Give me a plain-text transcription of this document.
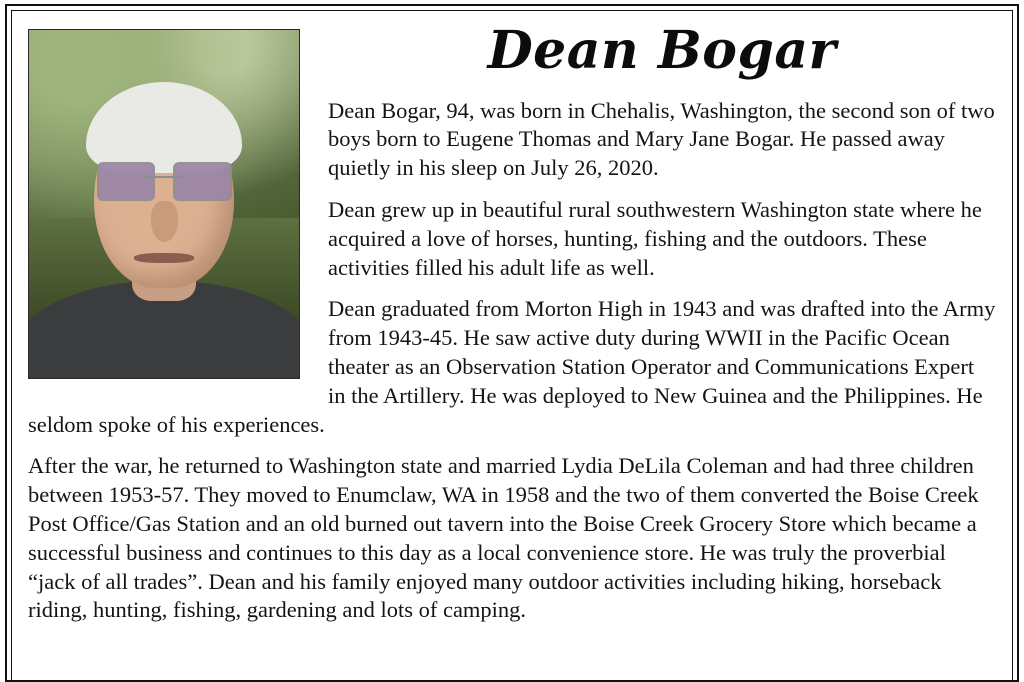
Dean Bogar

Dean Bogar, 94, was born in Chehalis, Washington, the second son of two boys born to Eugene Thomas and Mary Jane Bogar. He passed away quietly in his sleep on July 26, 2020.

Dean grew up in beautiful rural southwestern Washington state where he acquired a love of horses, hunting, fishing and the outdoors. These activities filled his adult life as well.

Dean graduated from Morton High in 1943 and was drafted into the Army from 1943-45. He saw active duty during WWII in the Pacific Ocean theater as an Observation Station Operator and Communications Expert in the Artillery. He was deployed to New Guinea and the Philippines. He seldom spoke of his experiences.

After the war, he returned to Washington state and married Lydia DeLila Coleman and had three children between 1953-57. They moved to Enumclaw, WA in 1958 and the two of them converted the Boise Creek Post Office/Gas Station and an old burned out tavern into the Boise Creek Grocery Store which became a successful business and continues to this day as a local convenience store. He was truly the proverbial “jack of all trades”. Dean and his family enjoyed many outdoor activities including hiking, horseback riding, hunting, fishing, gardening and lots of camping.
